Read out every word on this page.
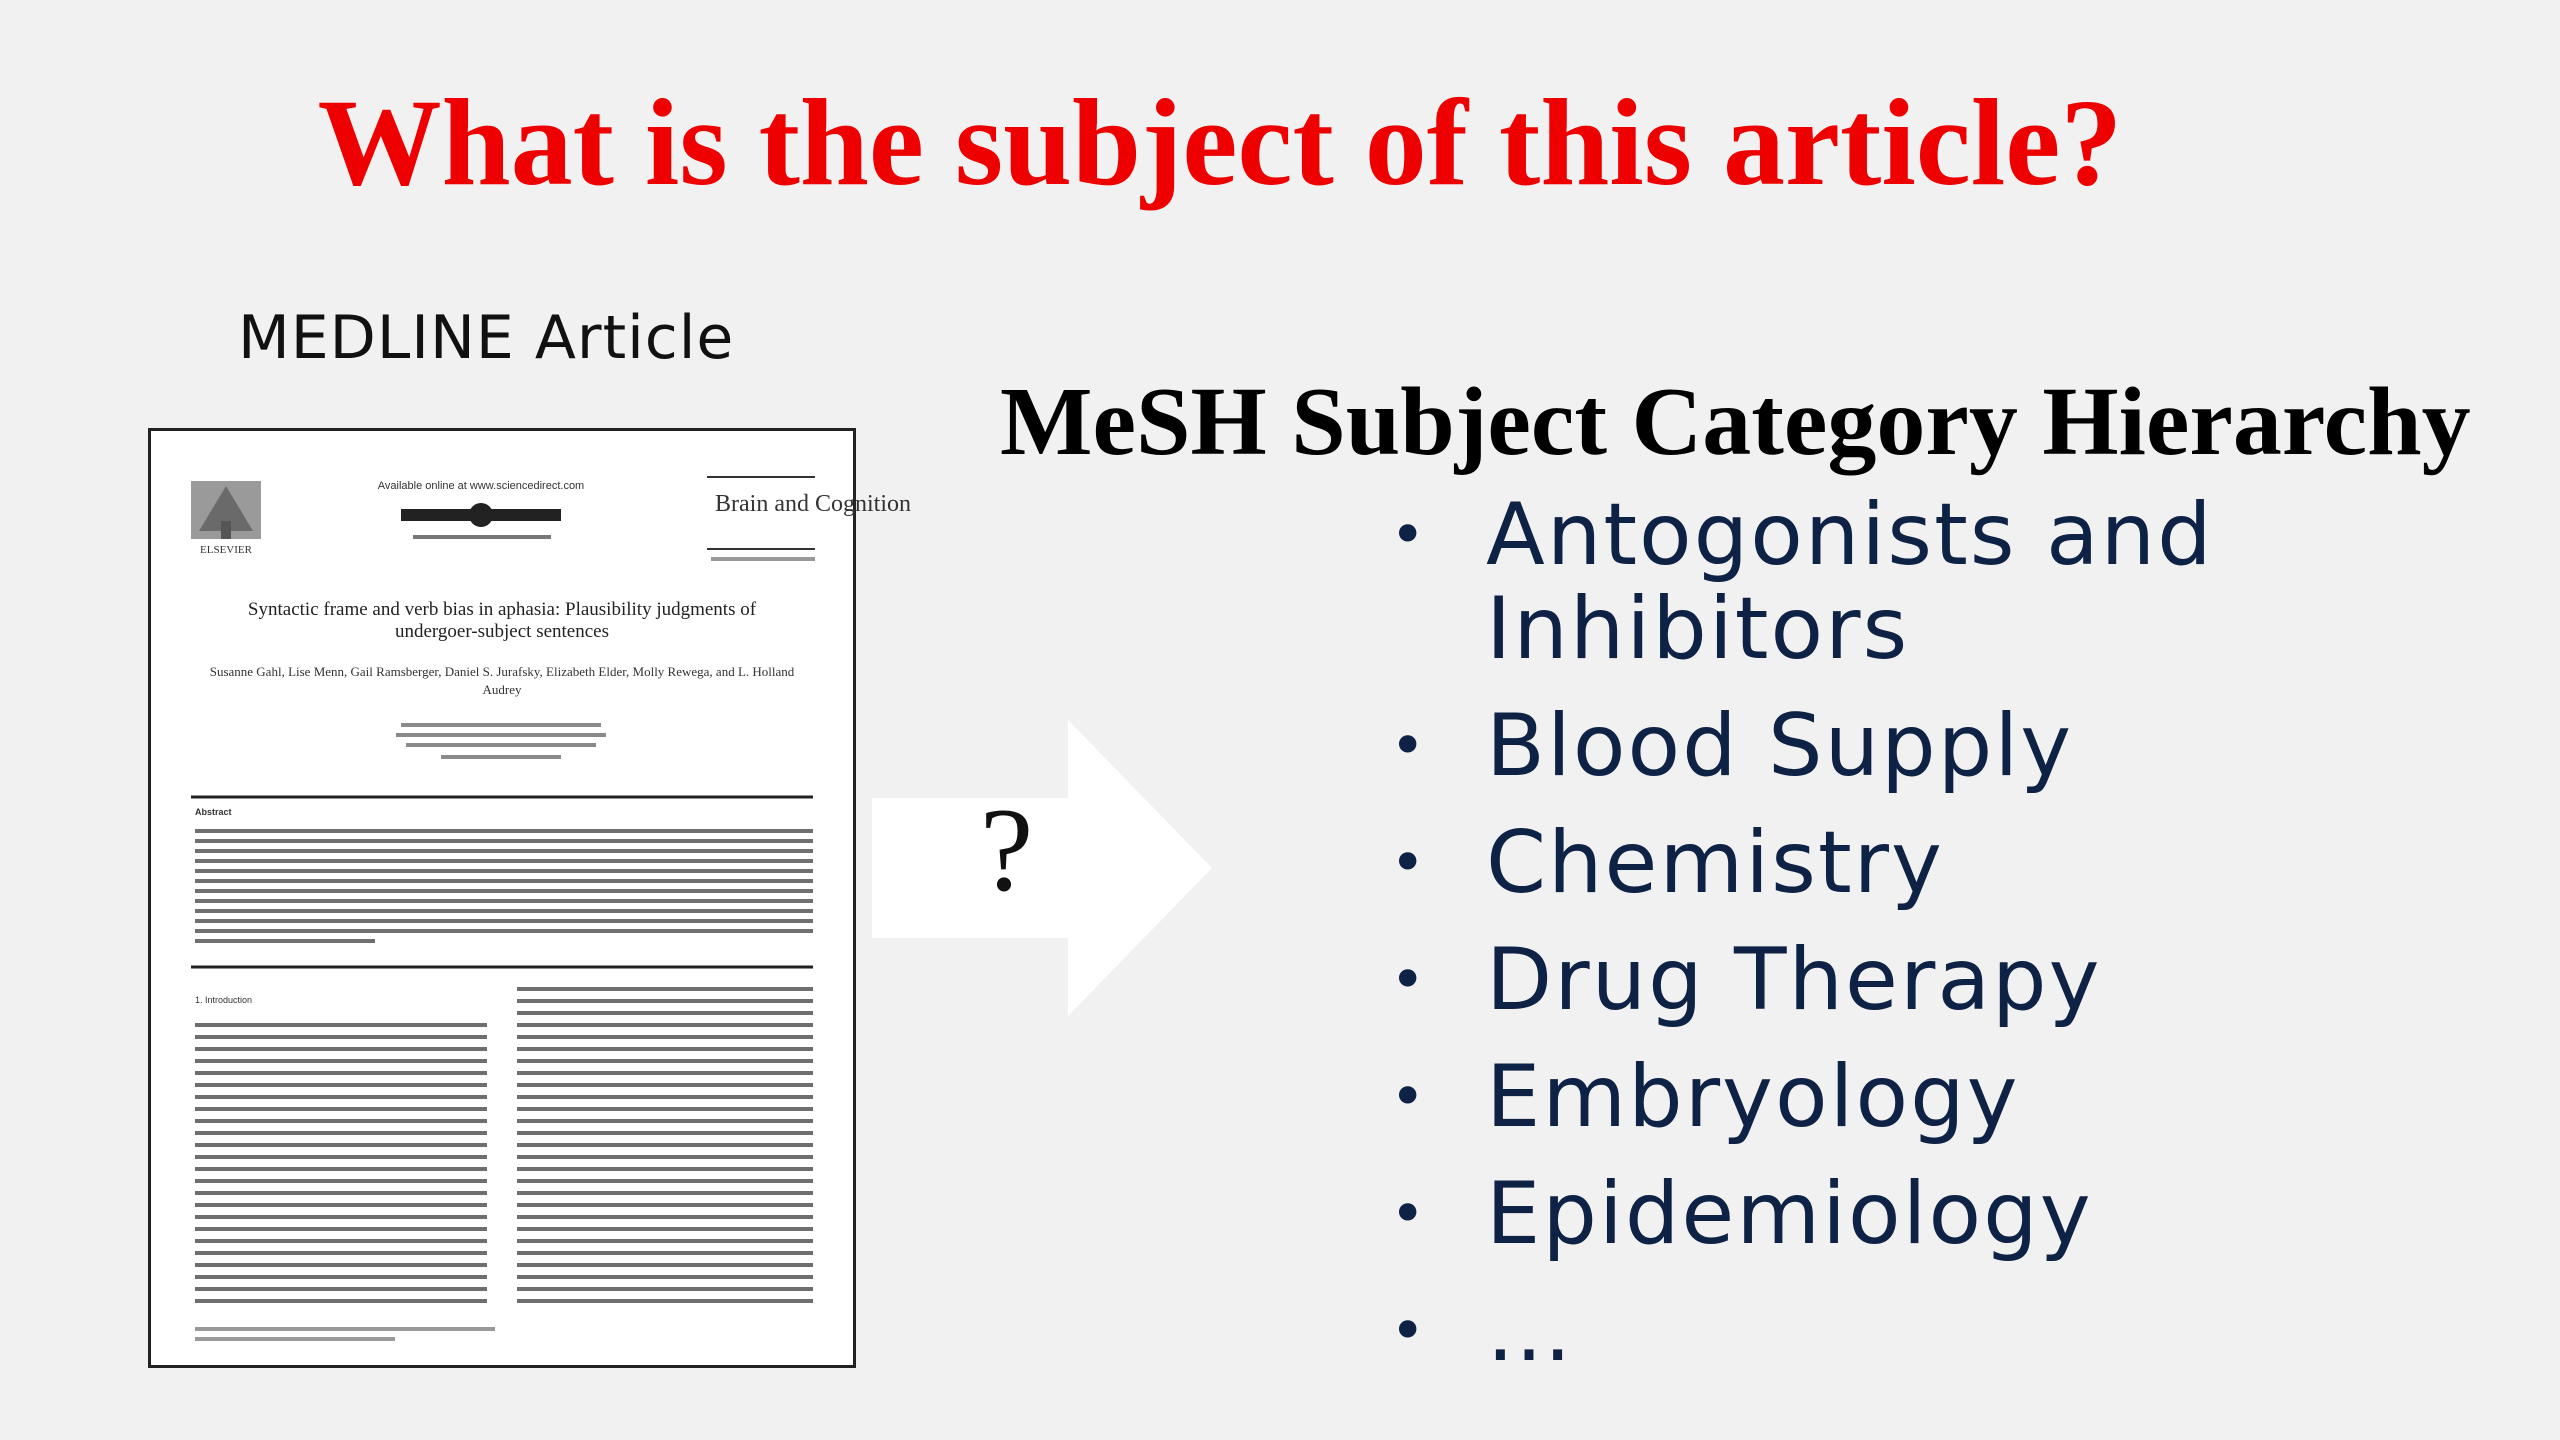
What is the subject of this article?
MEDLINE Article
ELSEVIER
Available online at www.sciencedirect.com
Brain and Cognition
Syntactic frame and verb bias in aphasia: Plausibility judgments of undergoer-subject sentences
Susanne Gahl, Lise Menn, Gail Ramsberger, Daniel S. Jurafsky, Elizabeth Elder, Molly Rewega, and L. Holland Audrey
Abstract
1. Introduction
?
MeSH Subject Category Hierarchy
• Antogonists and Inhibitors
• Blood Supply
• Chemistry
• Drug Therapy
• Embryology
• Epidemiology
• …
